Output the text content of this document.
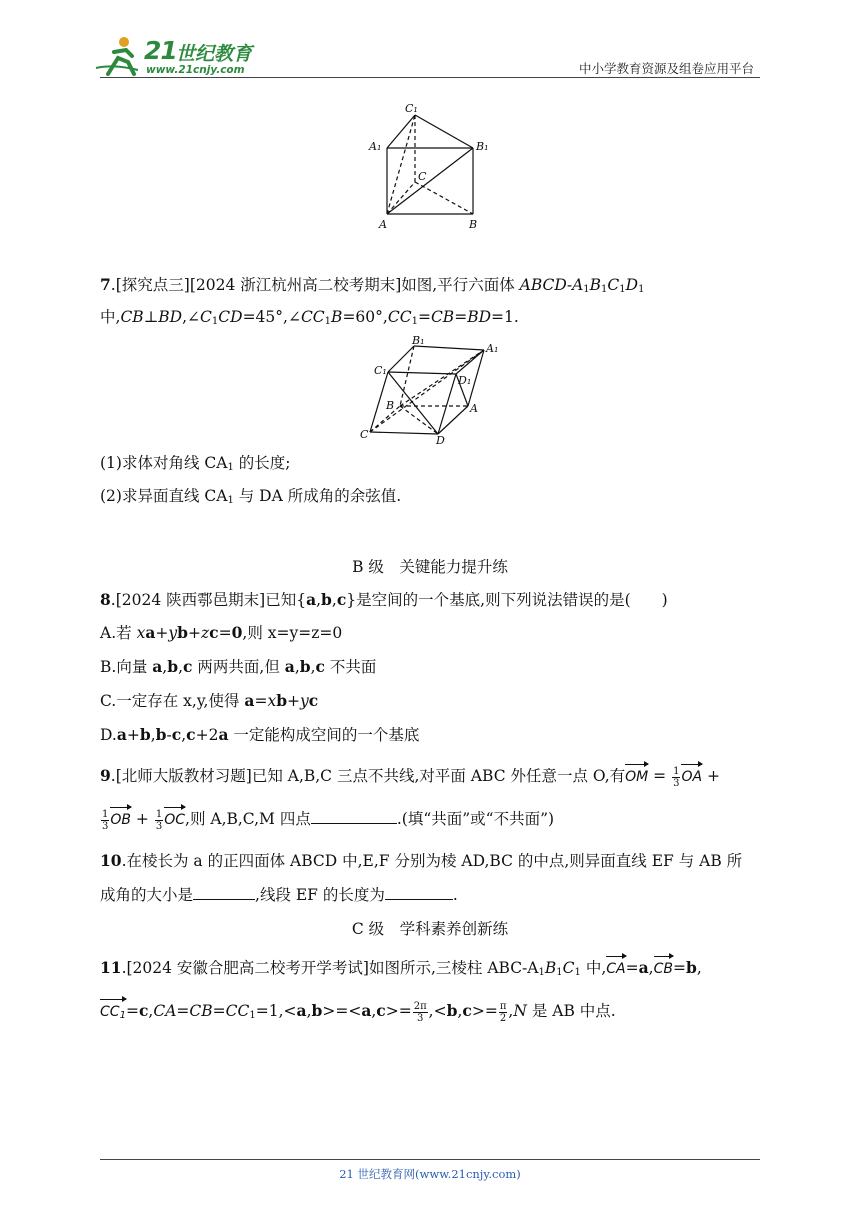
21 世纪教育
www.21cnjy.com	中小学教育资源及组卷应用平台
C₁
A₁	B₁
C
A	B
7.[探究点三][2024 浙江杭州高二校考期末]如图,平行六面体 ABCD-$A_1B_1C_1D_1$
中$,CB\perp BD,\angle C_1CD=45^\circ,\angle CC_1B=60^\circ,CC_1=CB=BD=1$.
B₁
A₁
C₁
D₁
B	A
C	D
(1)求体对角线 $CA_1$ 的长度;
(2)求异面直线 $CA_1$ 与 DA 所成角的余弦值.
B 级　关键能力提升练
8.[2024 陕西鄠邑期末]已知{a,b,c}是空间的一个基底,则下列说法错误的是(　　)
A.若 xa+yb+zc=0,则 x=y=z=0
B.向量 a,b,c 两两共面,但 a,b,c 不共面
C.一定存在 x,y,使得 a=xb+yc
D.a+b,b-c,c+2a 一定能构成空间的一个基底
9.[北师大版教材习题]已知 A,B,C 三点不共线,对平面 ABC 外任意一点 O,有OM = $\frac{1}{3}$ OA +
$\frac{1}{3}$ OB + $\frac{1}{3}$ OC,则 A,B,C,M 四点	.(填“共面”或“不共面”)
10.在棱长为 a 的正四面体 ABCD 中,E,F 分别为棱 AD,BC 的中点,则异面直线 EF 与 AB 所
成角的大小是	,线段 EF 的长度为	.
C 级　学科素养创新练
11.[2024 安徽合肥高二校考开学考试]如图所示,三棱柱 ABC-$A_1B_1C_1$ 中,CA=a,CB=b,
$CC_1=c,CA=CB=CC_1=1,<a,b>=<a,c>= \frac{2\pi}{3} ,<b,c>= \frac{\pi}{2} ,N$ 是 AB 中点.
21 世纪教育网(www.21cnjy.com)
